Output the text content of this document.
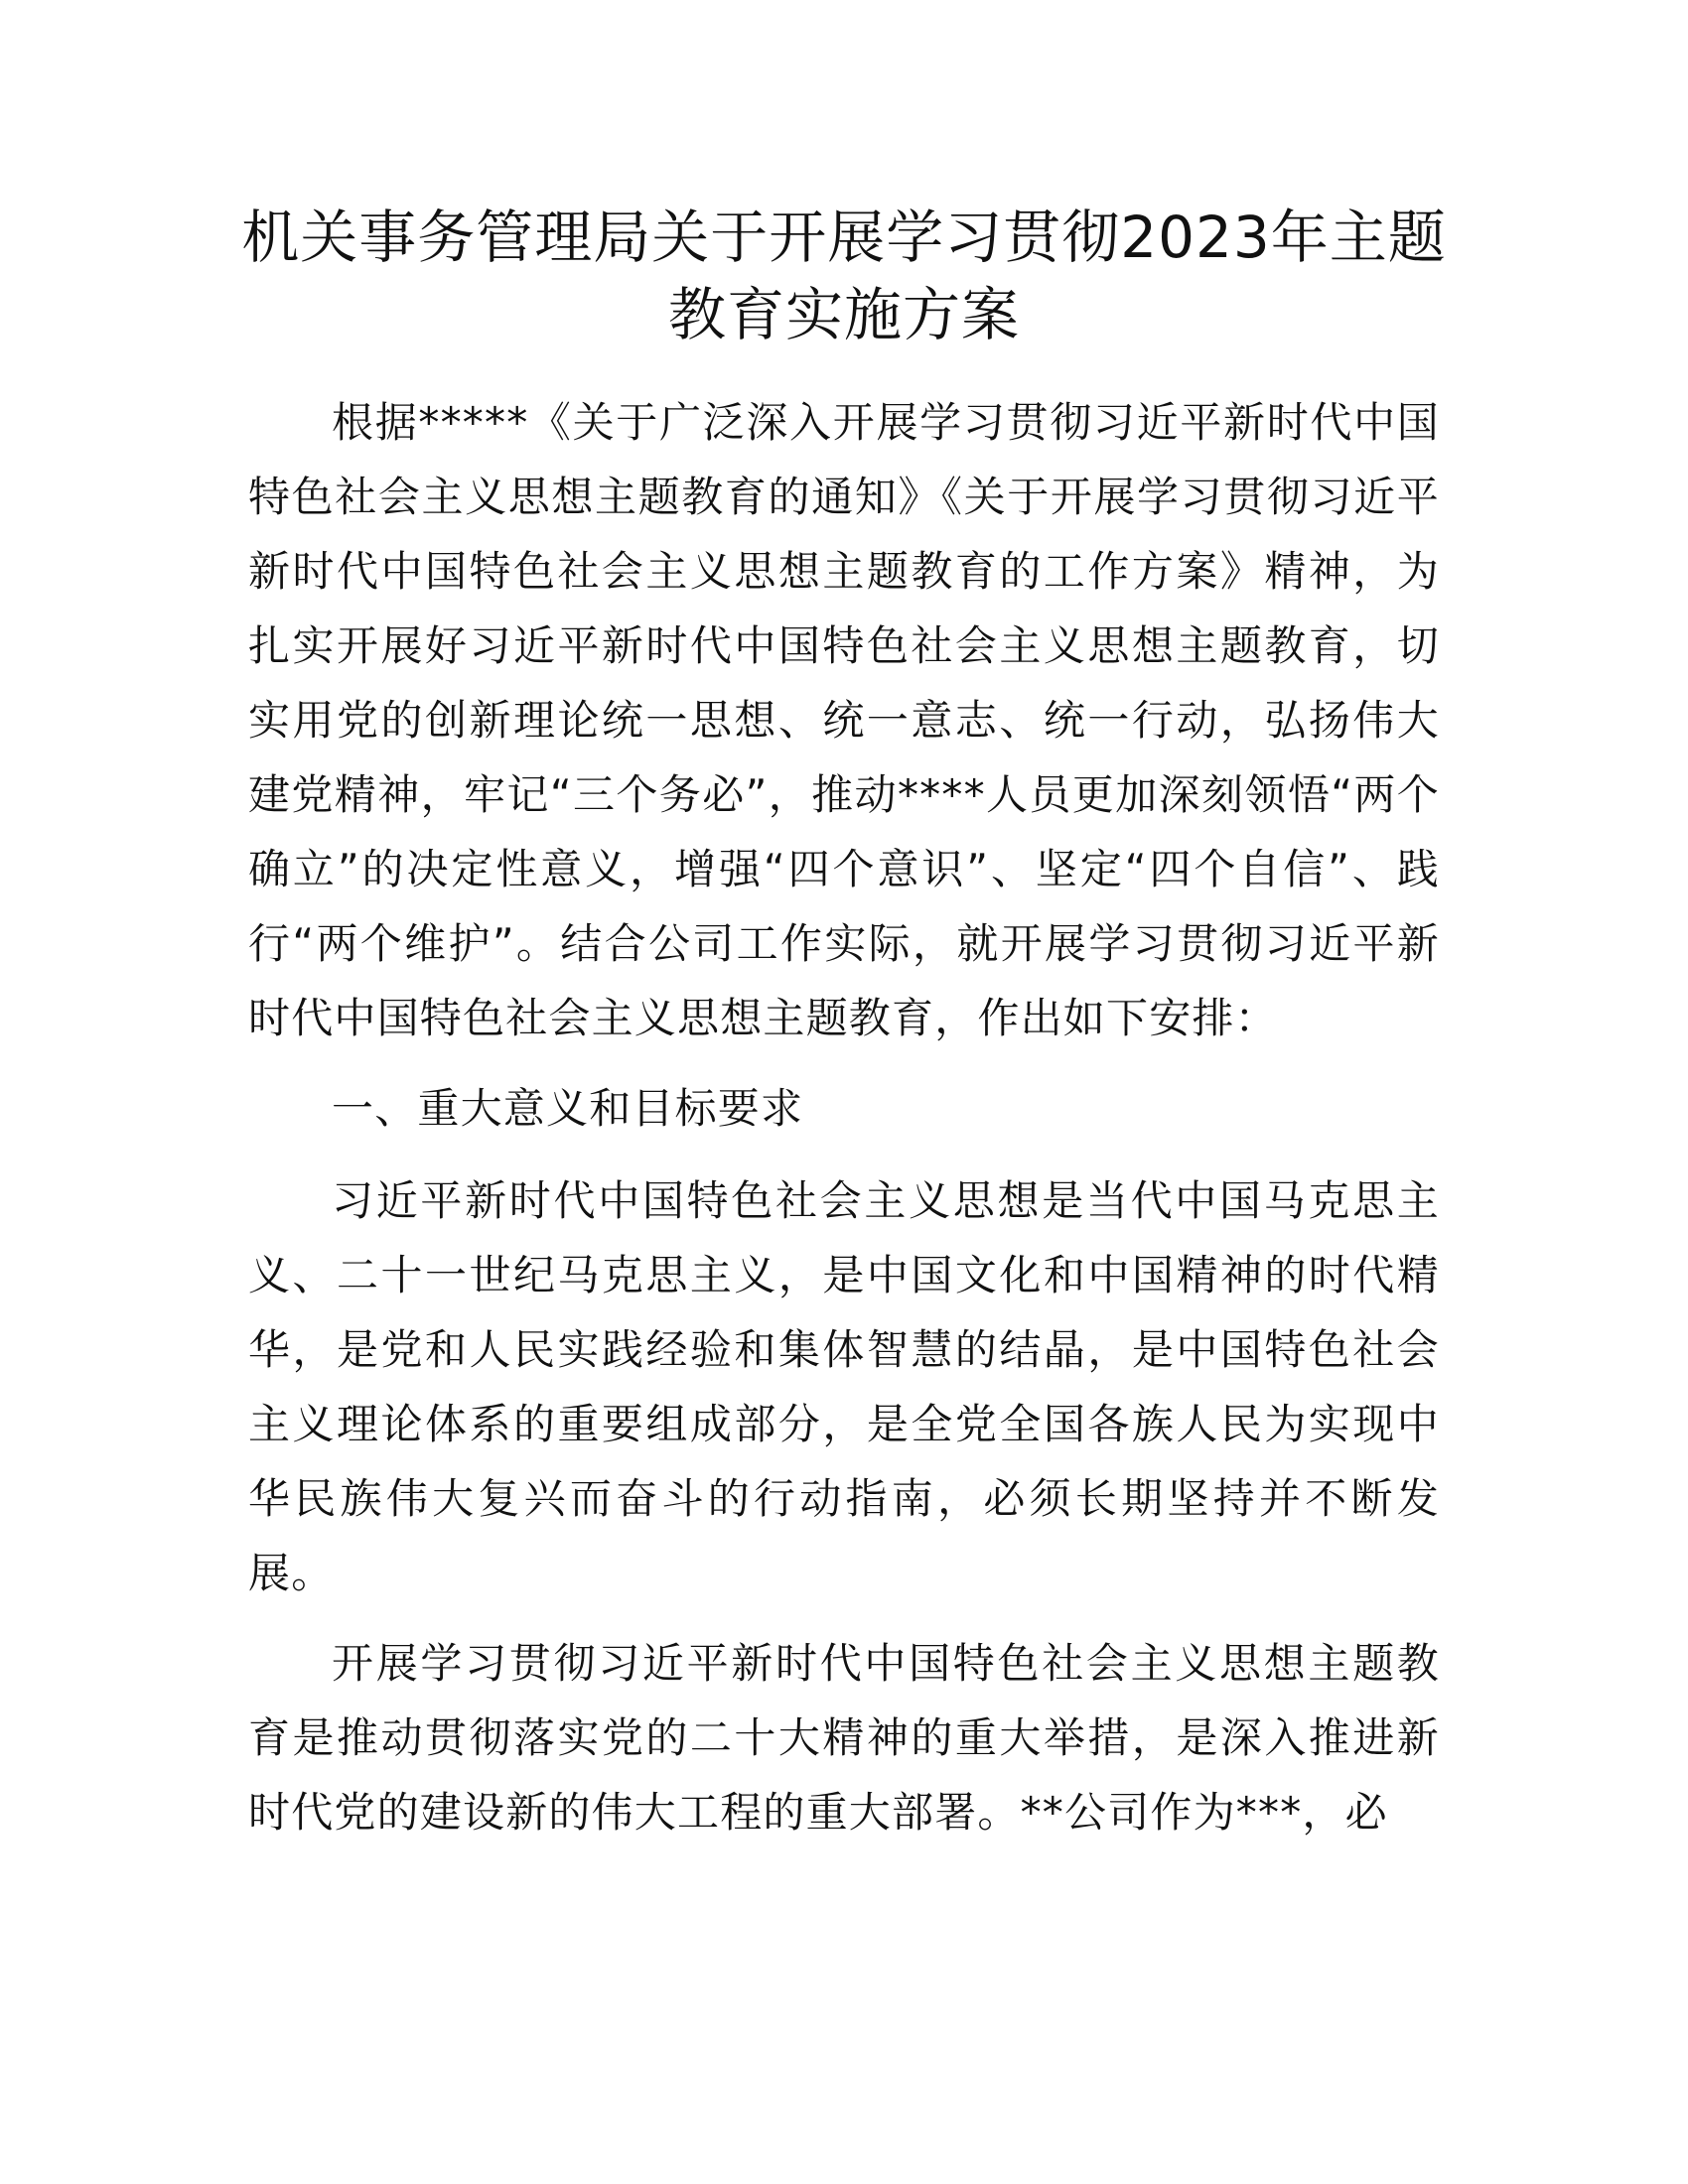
机关事务管理局关于开展学习贯彻2023年主题
教育实施方案

根据*****《关于广泛深入开展学习贯彻习近平新时代中国特色社会主义思想主题教育的通知》《关于开展学习贯彻习近平新时代中国特色社会主义思想主题教育的工作方案》精神，为扎实开展好习近平新时代中国特色社会主义思想主题教育，切实用党的创新理论统一思想、统一意志、统一行动，弘扬伟大建党精神，牢记“三个务必”，推动****人员更加深刻领悟“两个确立”的决定性意义，增强“四个意识”、坚定“四个自信”、践行“两个维护”。结合公司工作实际，就开展学习贯彻习近平新时代中国特色社会主义思想主题教育，作出如下安排：

一、重大意义和目标要求

习近平新时代中国特色社会主义思想是当代中国马克思主义、二十一世纪马克思主义，是中国文化和中国精神的时代精华，是党和人民实践经验和集体智慧的结晶，是中国特色社会主义理论体系的重要组成部分，是全党全国各族人民为实现中华民族伟大复兴而奋斗的行动指南，必须长期坚持并不断发展。

开展学习贯彻习近平新时代中国特色社会主义思想主题教育是推动贯彻落实党的二十大精神的重大举措，是深入推进新时代党的建设新的伟大工程的重大部署。**公司作为***，必
